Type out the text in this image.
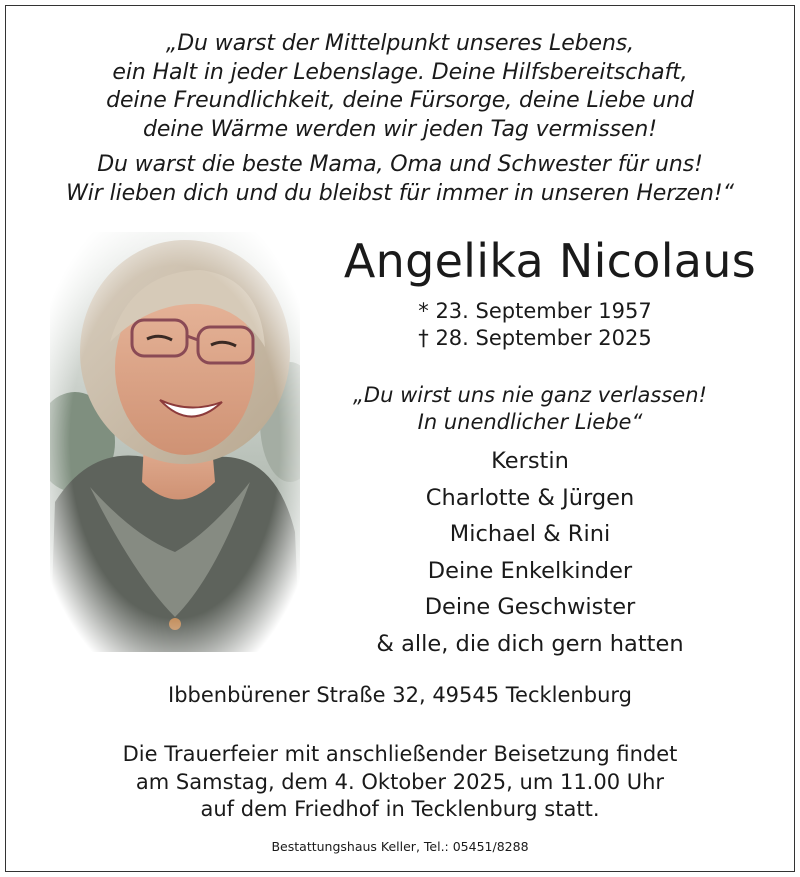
„Du warst der Mittelpunkt unseres Lebens,
ein Halt in jeder Lebenslage. Deine Hilfsbereitschaft,
deine Freundlichkeit, deine Fürsorge, deine Liebe und
deine Wärme werden wir jeden Tag vermissen!
Du warst die beste Mama, Oma und Schwester für uns!
Wir lieben dich und du bleibst für immer in unseren Herzen!“
Angelika Nicolaus
* 23. September 1957
† 28. September 2025
„Du wirst uns nie ganz verlassen!
In unendlicher Liebe“
Kerstin
Charlotte & Jürgen
Michael & Rini
Deine Enkelkinder
Deine Geschwister
& alle, die dich gern hatten
Ibbenbürener Straße 32, 49545 Tecklenburg
Die Trauerfeier mit anschließender Beisetzung findet
am Samstag, dem 4. Oktober 2025, um 11.00 Uhr
auf dem Friedhof in Tecklenburg statt.
Bestattungshaus Keller, Tel.: 05451/8288
